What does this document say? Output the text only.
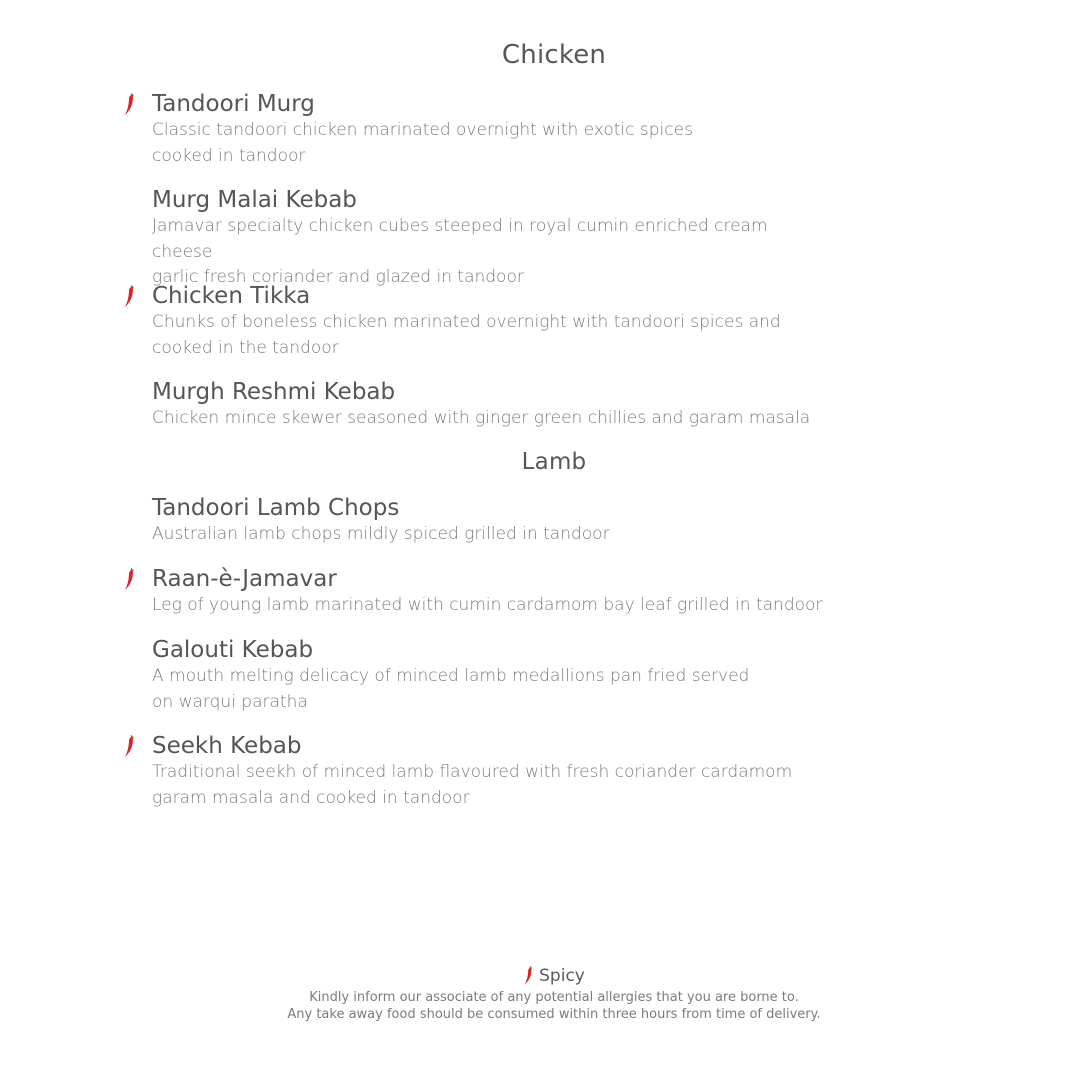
Chicken

Tandoori Murg

Classic tandoori chicken marinated overnight with exotic spices
cooked in tandoor

Murg Malai Kebab

Jamavar specialty chicken cubes steeped in royal cumin enriched cream cheese
garlic fresh coriander and glazed in tandoor

Chicken Tikka

Chunks of boneless chicken marinated overnight with tandoori spices and
cooked in the tandoor

Murgh Reshmi Kebab

Chicken mince skewer seasoned with ginger green chillies and garam masala

Lamb

Tandoori Lamb Chops

Australian lamb chops mildly spiced grilled in tandoor

Raan-è-Jamavar

Leg of young lamb marinated with cumin cardamom bay leaf grilled in tandoor

Galouti Kebab

A mouth melting delicacy of minced lamb medallions pan fried served
on warqui paratha

Seekh Kebab

Traditional seekh of minced lamb flavoured with fresh coriander cardamom
garam masala and cooked in tandoor

Spicy

Kindly inform our associate of any potential allergies that you are borne to.

Any take away food should be consumed within three hours from time of delivery.
